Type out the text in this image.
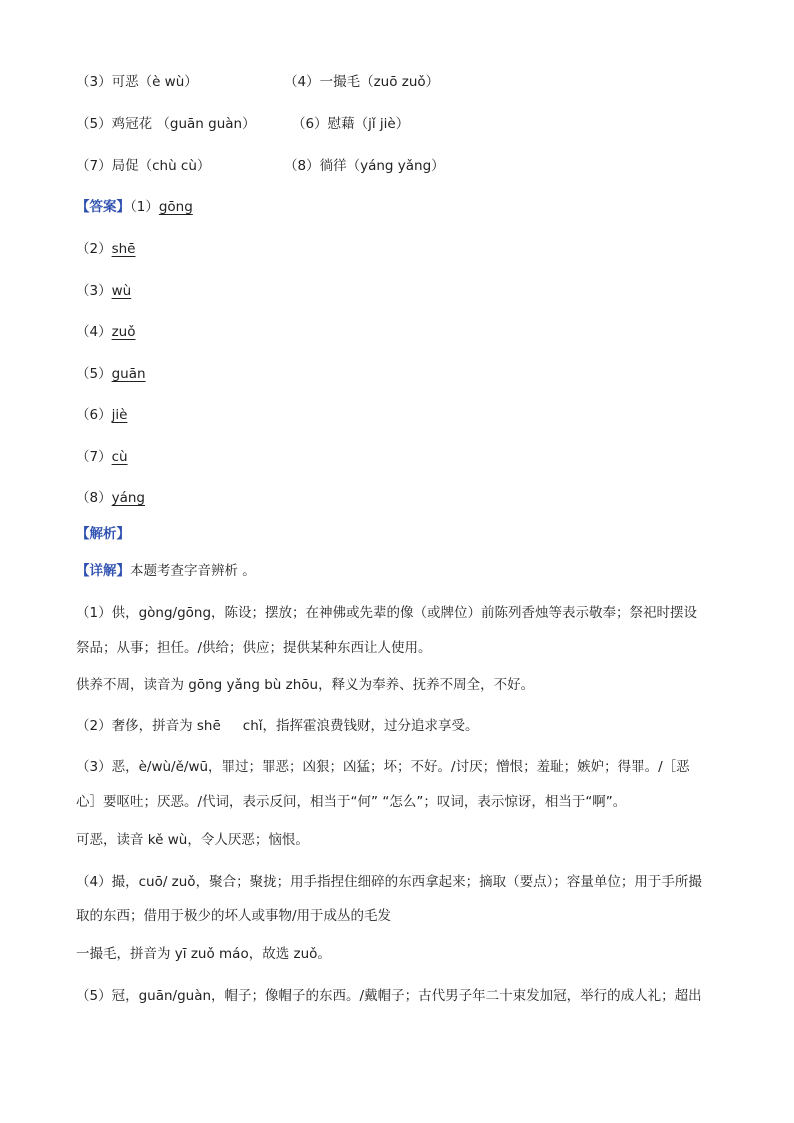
（3）可恶（è wù）	（4）一撮毛（zuō zuǒ）
（5）鸡冠花 （guān guàn）	（6）慰藉（jǐ jiè）
（7）局促（chù cù）	（8）徜徉（yáng yǎng）
【答案】（1）gōng
（2）shē
（3）wù
（4）zuǒ
（5）guān
（6）jiè
（7）cù
（8）yáng
【解析】
【详解】本题考查字音辨析 。
（1）供，gòng/gōng，陈设；摆放；在神佛或先辈的像（或牌位）前陈列香烛等表示敬奉；祭祀时摆设
祭品；从事；担任。/供给；供应；提供某种东西让人使用。
供养不周，读音为 gōng yǎng bù zhōu，释义为奉养、抚养不周全，不好。
（2）奢侈，拼音为 shē chǐ，指挥霍浪费钱财，过分追求享受。
（3）恶，è/wù/ě/wū，罪过；罪恶；凶狠；凶猛；坏；不好。/讨厌；憎恨；羞耻；嫉妒；得罪。/［恶
心］要呕吐；厌恶。/代词，表示反问，相当于“何” “怎么”；叹词，表示惊讶，相当于“啊”。
可恶，读音 kě wù，令人厌恶；恼恨。
（4）撮，cuō/ zuǒ，聚合；聚拢；用手指捏住细碎的东西拿起来；摘取（要点）；容量单位；用于手所撮
取的东西；借用于极少的坏人或事物/用于成丛的毛发
一撮毛，拼音为 yī zuǒ máo，故选 zuǒ。
（5）冠，guān/guàn，帽子；像帽子的东西。/戴帽子；古代男子年二十束发加冠，举行的成人礼；超出
